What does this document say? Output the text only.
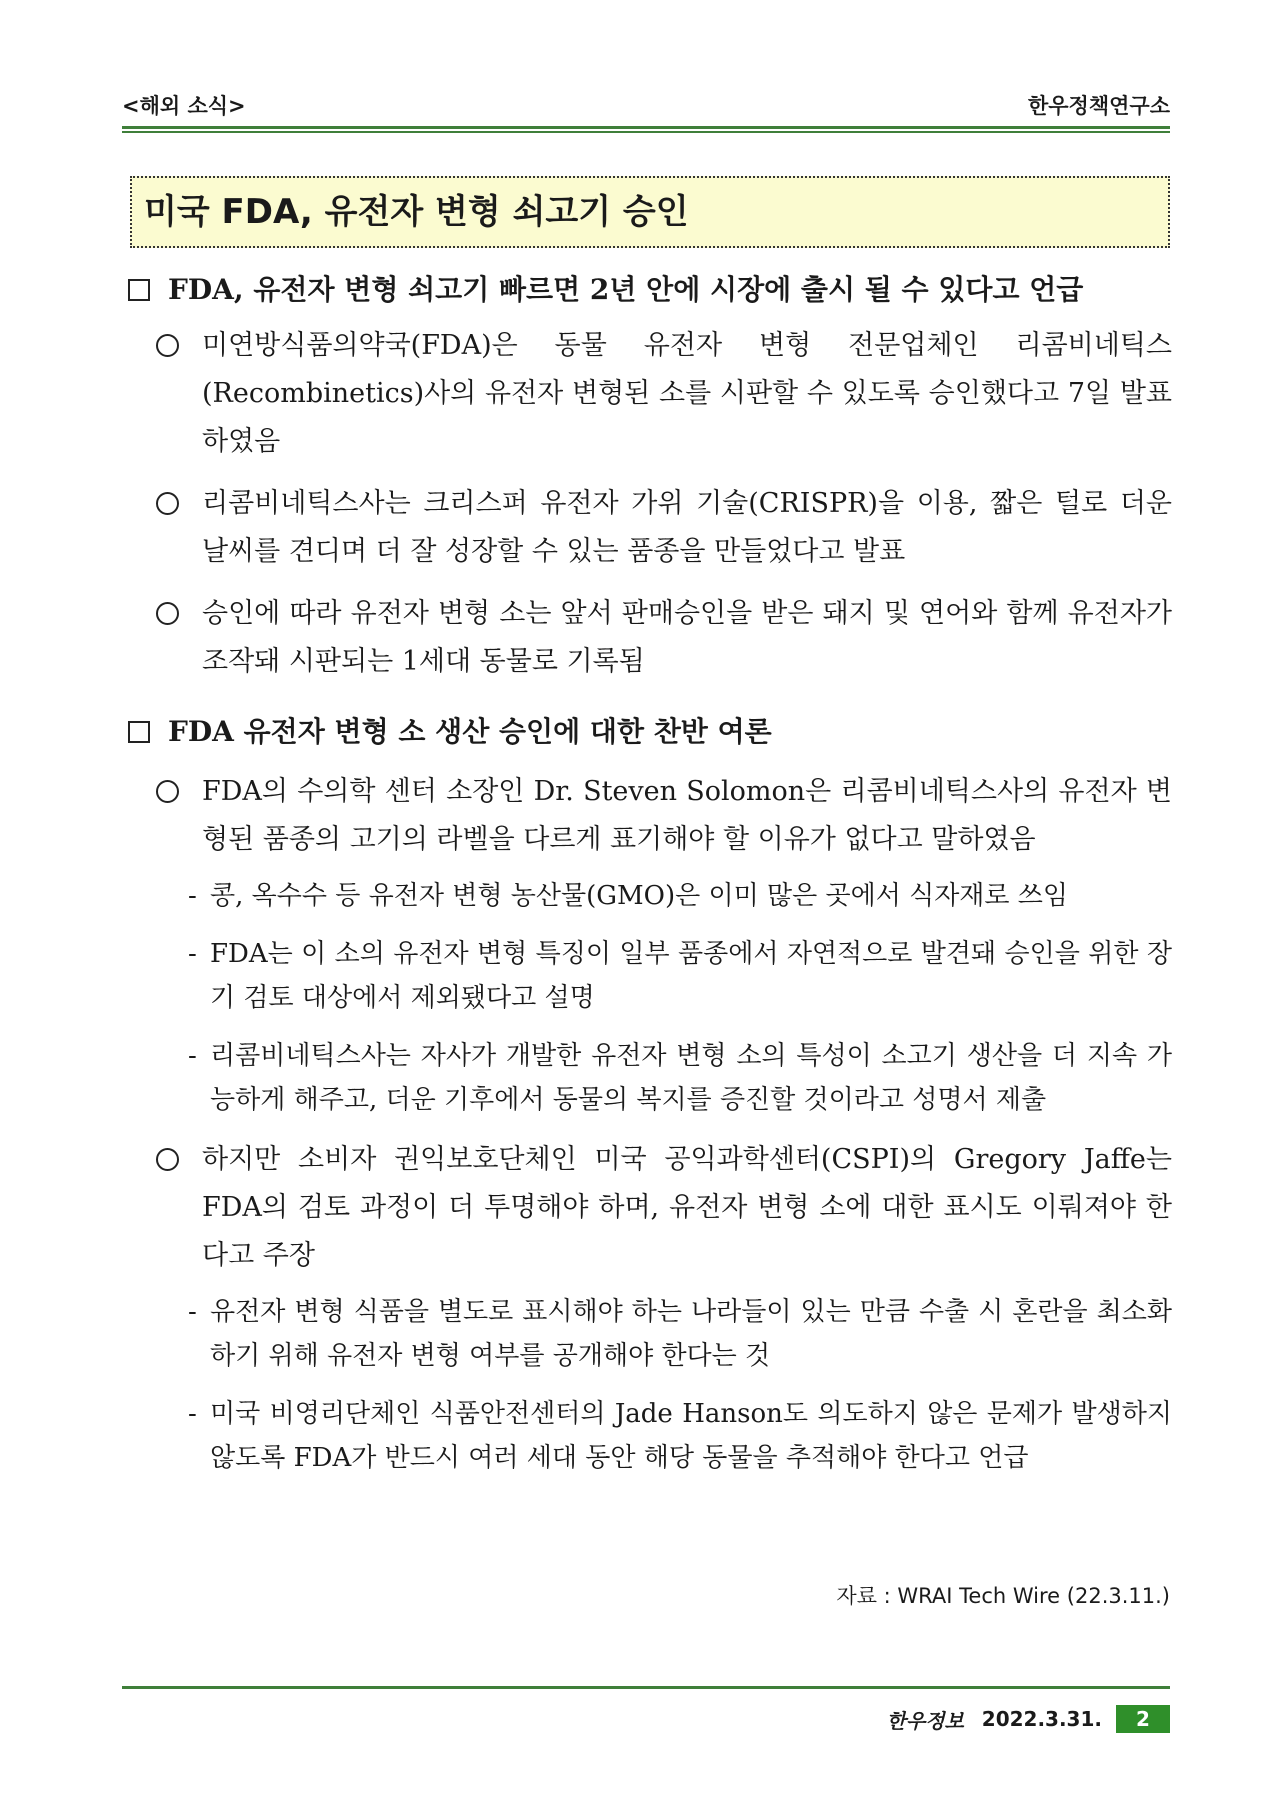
<해외 소식>	한우정책연구소
미국 FDA, 유전자 변형 쇠고기 승인
FDA, 유전자 변형 쇠고기 빠르면 2년 안에 시장에 출시 될 수 있다고 언급
미연방식품의약국(FDA)은 동물 유전자 변형 전문업체인 리콤비네틱스(Recombinetics)사의 유전자 변형된 소를 시판할 수 있도록 승인했다고 7일 발표하였음
리콤비네틱스사는 크리스퍼 유전자 가위 기술(CRISPR)을 이용, 짧은 털로 더운 날씨를 견디며 더 잘 성장할 수 있는 품종을 만들었다고 발표
승인에 따라 유전자 변형 소는 앞서 판매승인을 받은 돼지 및 연어와 함께 유전자가 조작돼 시판되는 1세대 동물로 기록됨
FDA 유전자 변형 소 생산 승인에 대한 찬반 여론
FDA의 수의학 센터 소장인 Dr. Steven Solomon은 리콤비네틱스사의 유전자 변형된 품종의 고기의 라벨을 다르게 표기해야 할 이유가 없다고 말하였음
- 콩, 옥수수 등 유전자 변형 농산물(GMO)은 이미 많은 곳에서 식자재로 쓰임
- FDA는 이 소의 유전자 변형 특징이 일부 품종에서 자연적으로 발견돼 승인을 위한 장기 검토 대상에서 제외됐다고 설명
- 리콤비네틱스사는 자사가 개발한 유전자 변형 소의 특성이 소고기 생산을 더 지속 가능하게 해주고, 더운 기후에서 동물의 복지를 증진할 것이라고 성명서 제출
하지만 소비자 권익보호단체인 미국 공익과학센터(CSPI)의 Gregory Jaffe는 FDA의 검토 과정이 더 투명해야 하며, 유전자 변형 소에 대한 표시도 이뤄져야 한다고 주장
- 유전자 변형 식품을 별도로 표시해야 하는 나라들이 있는 만큼 수출 시 혼란을 최소화하기 위해 유전자 변형 여부를 공개해야 한다는 것
- 미국 비영리단체인 식품안전센터의 Jade Hanson도 의도하지 않은 문제가 발생하지 않도록 FDA가 반드시 여러 세대 동안 해당 동물을 추적해야 한다고 언급
자료 : WRAI Tech Wire (22.3.11.)
한우정보 2022.3.31.	2
